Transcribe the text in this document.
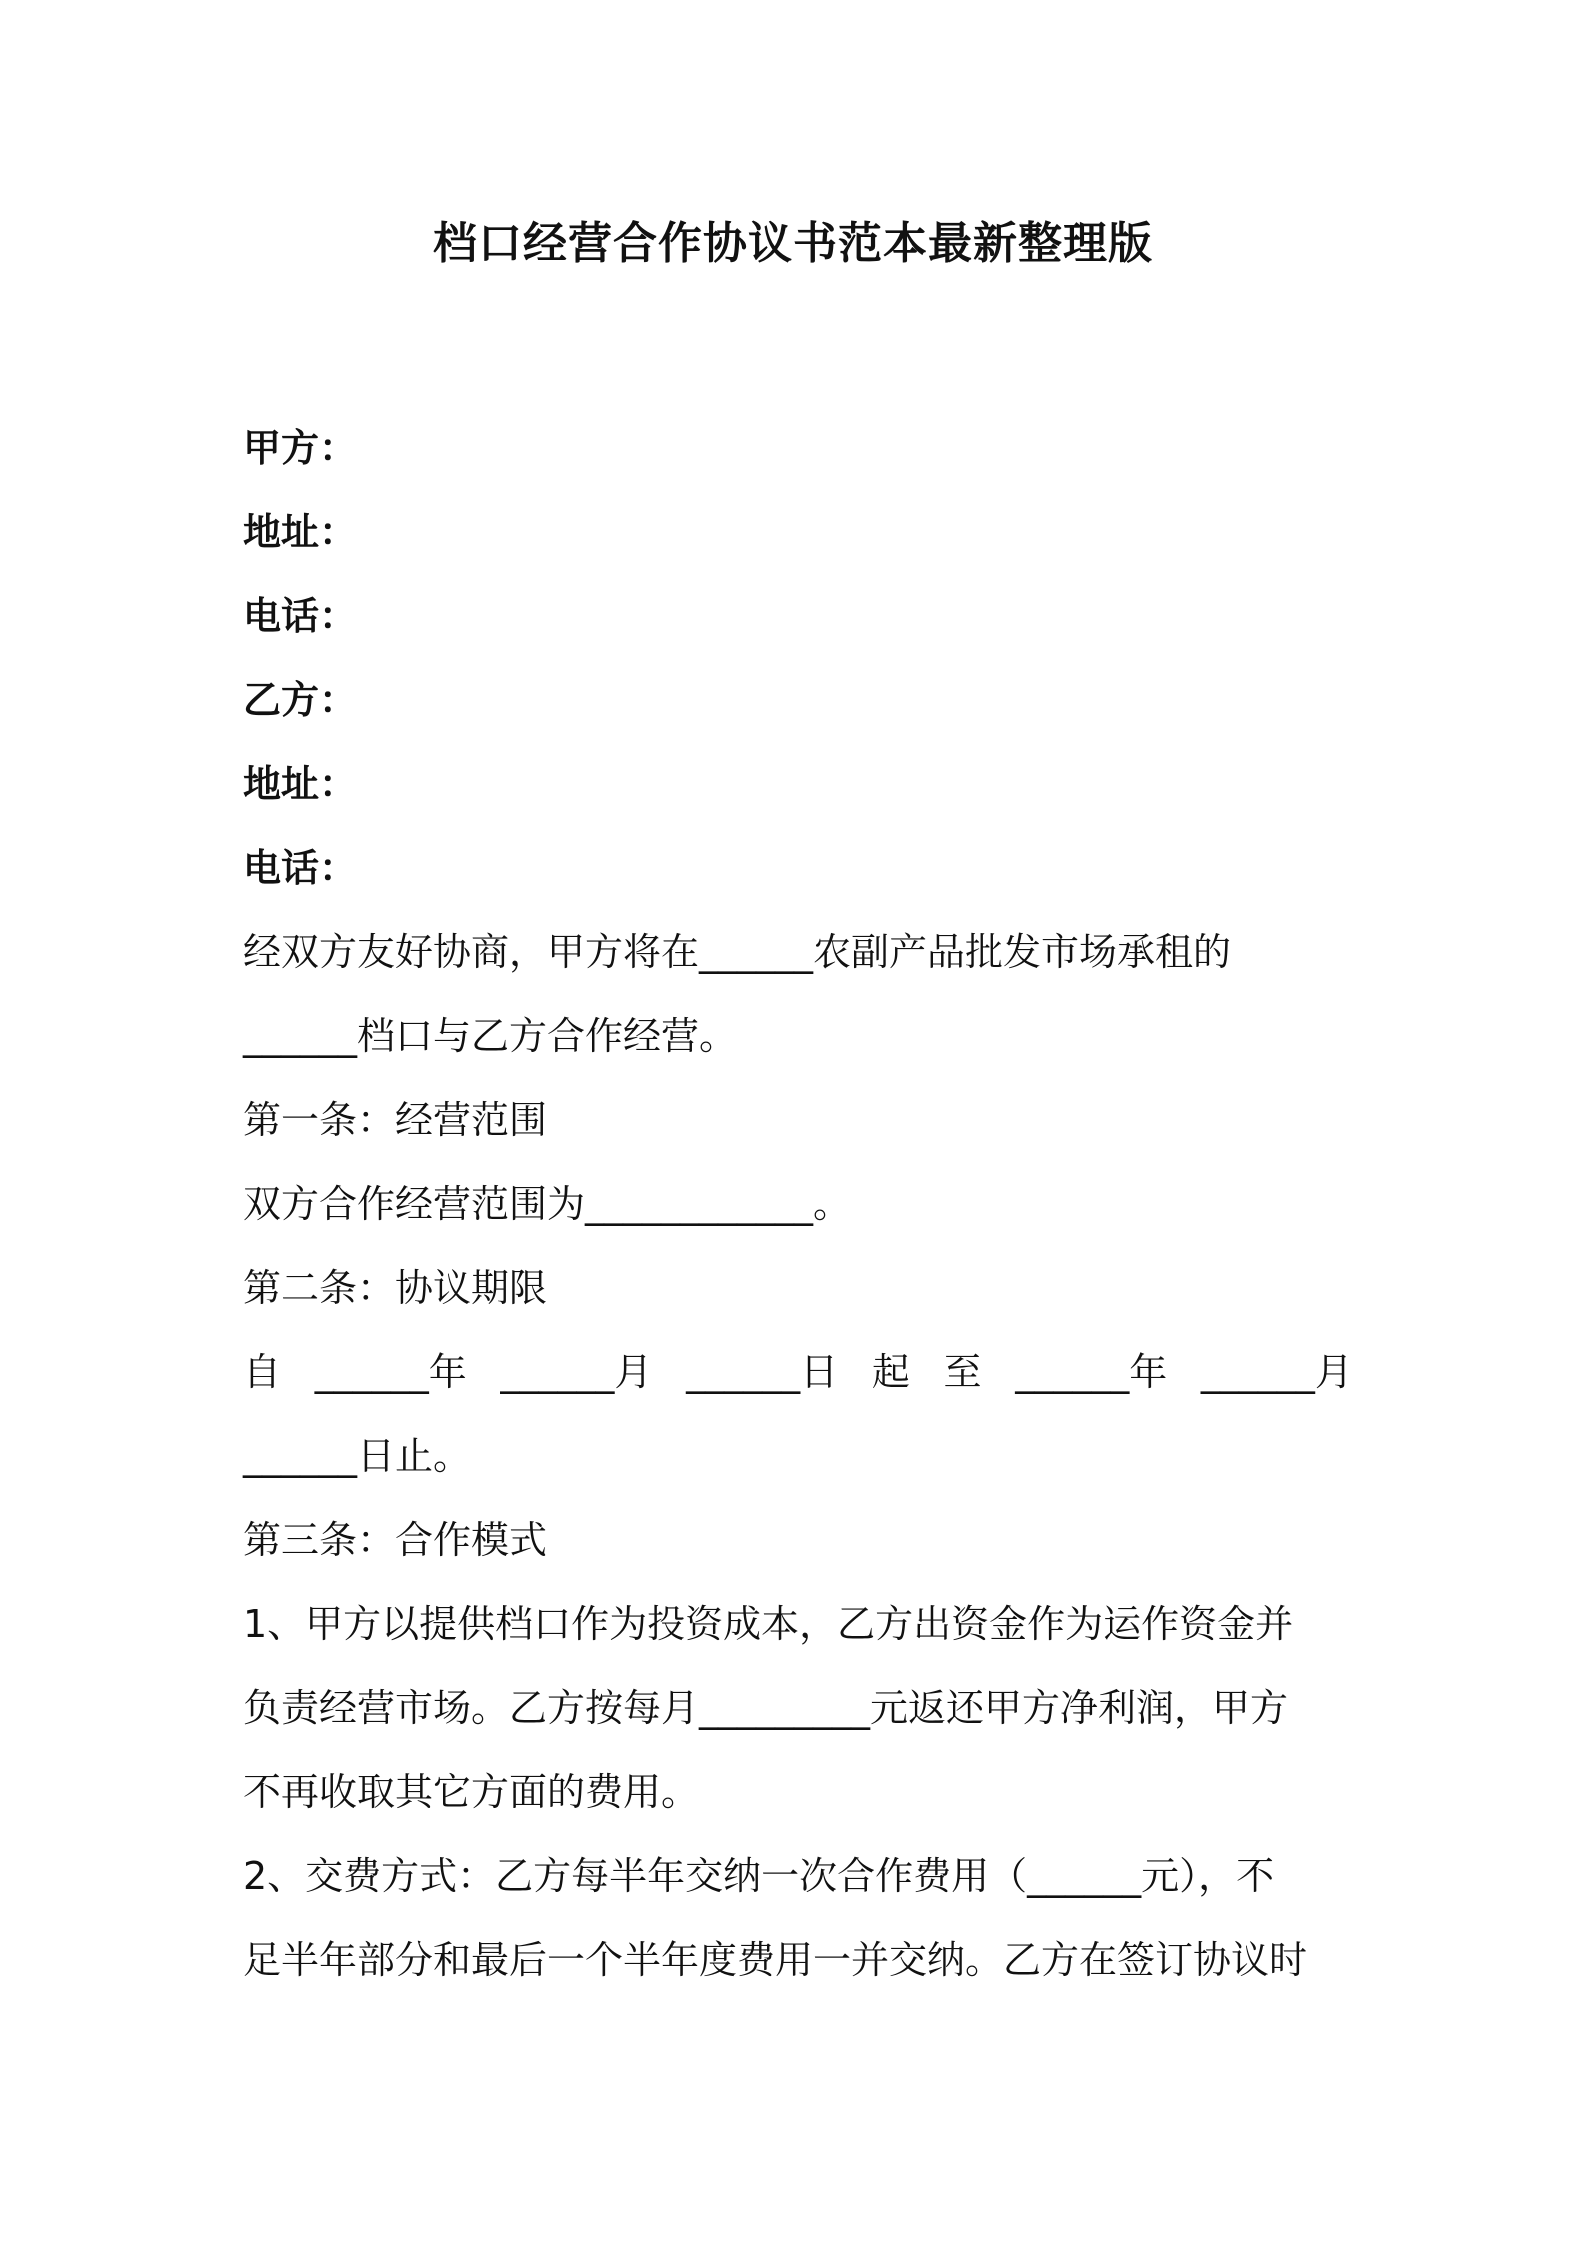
档口经营合作协议书范本最新整理版
甲方：
地址：
电话：
乙方：
地址：
电话：
经双方友好协商，甲方将在______农副产品批发市场承租的
______档口与乙方合作经营。
第一条：经营范围
双方合作经营范围为____________。
第二条：协议期限
自 ______年 ______月 ______日 起 至 ______年 ______月
______日止。
第三条：合作模式
1、甲方以提供档口作为投资成本，乙方出资金作为运作资金并
负责经营市场。乙方按每月_________元返还甲方净利润，甲方
不再收取其它方面的费用。
2、交费方式：乙方每半年交纳一次合作费用（______元），不
足半年部分和最后一个半年度费用一并交纳。乙方在签订协议时
